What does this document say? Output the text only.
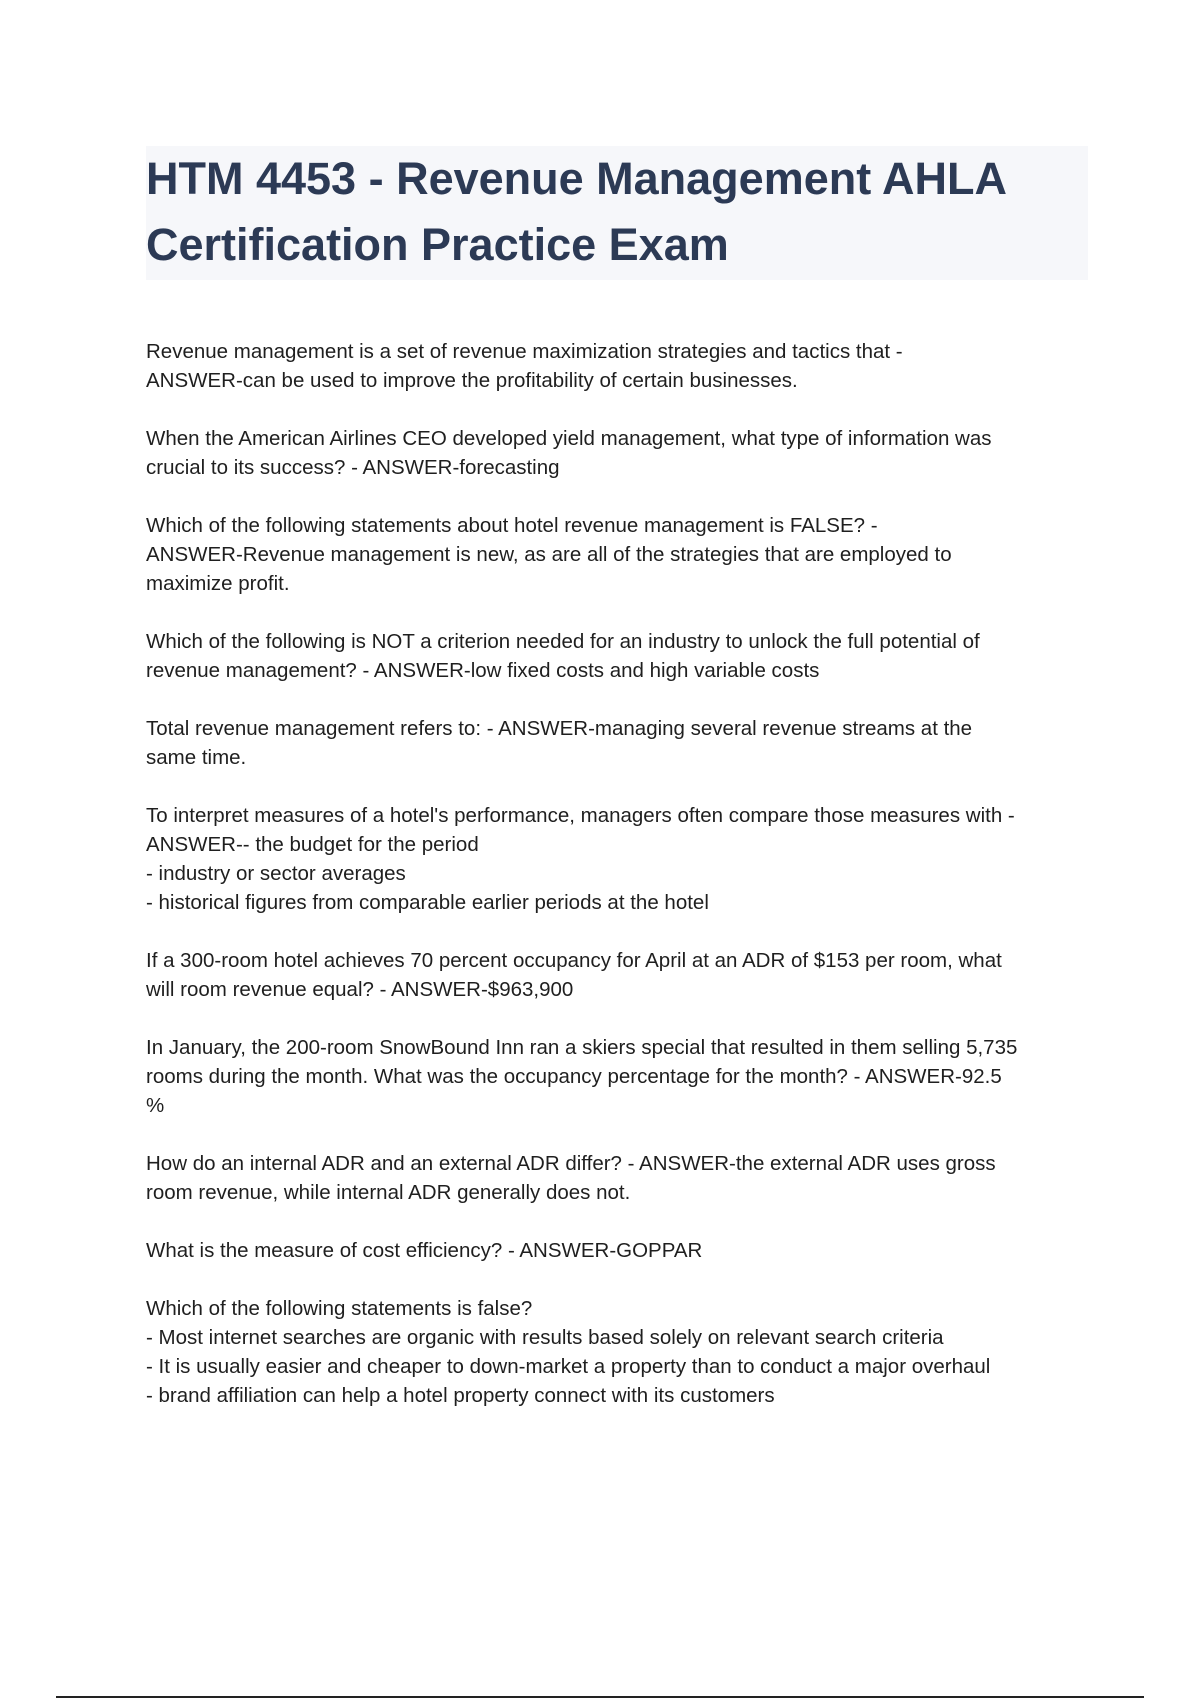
HTM 4453 - Revenue Management AHLA Certification Practice Exam

Revenue management is a set of revenue maximization strategies and tactics that -
ANSWER-can be used to improve the profitability of certain businesses.

When the American Airlines CEO developed yield management, what type of information was
crucial to its success? - ANSWER-forecasting

Which of the following statements about hotel revenue management is FALSE? -
ANSWER-Revenue management is new, as are all of the strategies that are employed to
maximize profit.

Which of the following is NOT a criterion needed for an industry to unlock the full potential of
revenue management? - ANSWER-low fixed costs and high variable costs

Total revenue management refers to: - ANSWER-managing several revenue streams at the
same time.

To interpret measures of a hotel's performance, managers often compare those measures with -
ANSWER-- the budget for the period
- industry or sector averages
- historical figures from comparable earlier periods at the hotel

If a 300-room hotel achieves 70 percent occupancy for April at an ADR of $153 per room, what
will room revenue equal? - ANSWER-$963,900

In January, the 200-room SnowBound Inn ran a skiers special that resulted in them selling 5,735
rooms during the month. What was the occupancy percentage for the month? - ANSWER-92.5
%

How do an internal ADR and an external ADR differ? - ANSWER-the external ADR uses gross
room revenue, while internal ADR generally does not.

What is the measure of cost efficiency? - ANSWER-GOPPAR

Which of the following statements is false?
- Most internet searches are organic with results based solely on relevant search criteria
- It is usually easier and cheaper to down-market a property than to conduct a major overhaul
- brand affiliation can help a hotel property connect with its customers
